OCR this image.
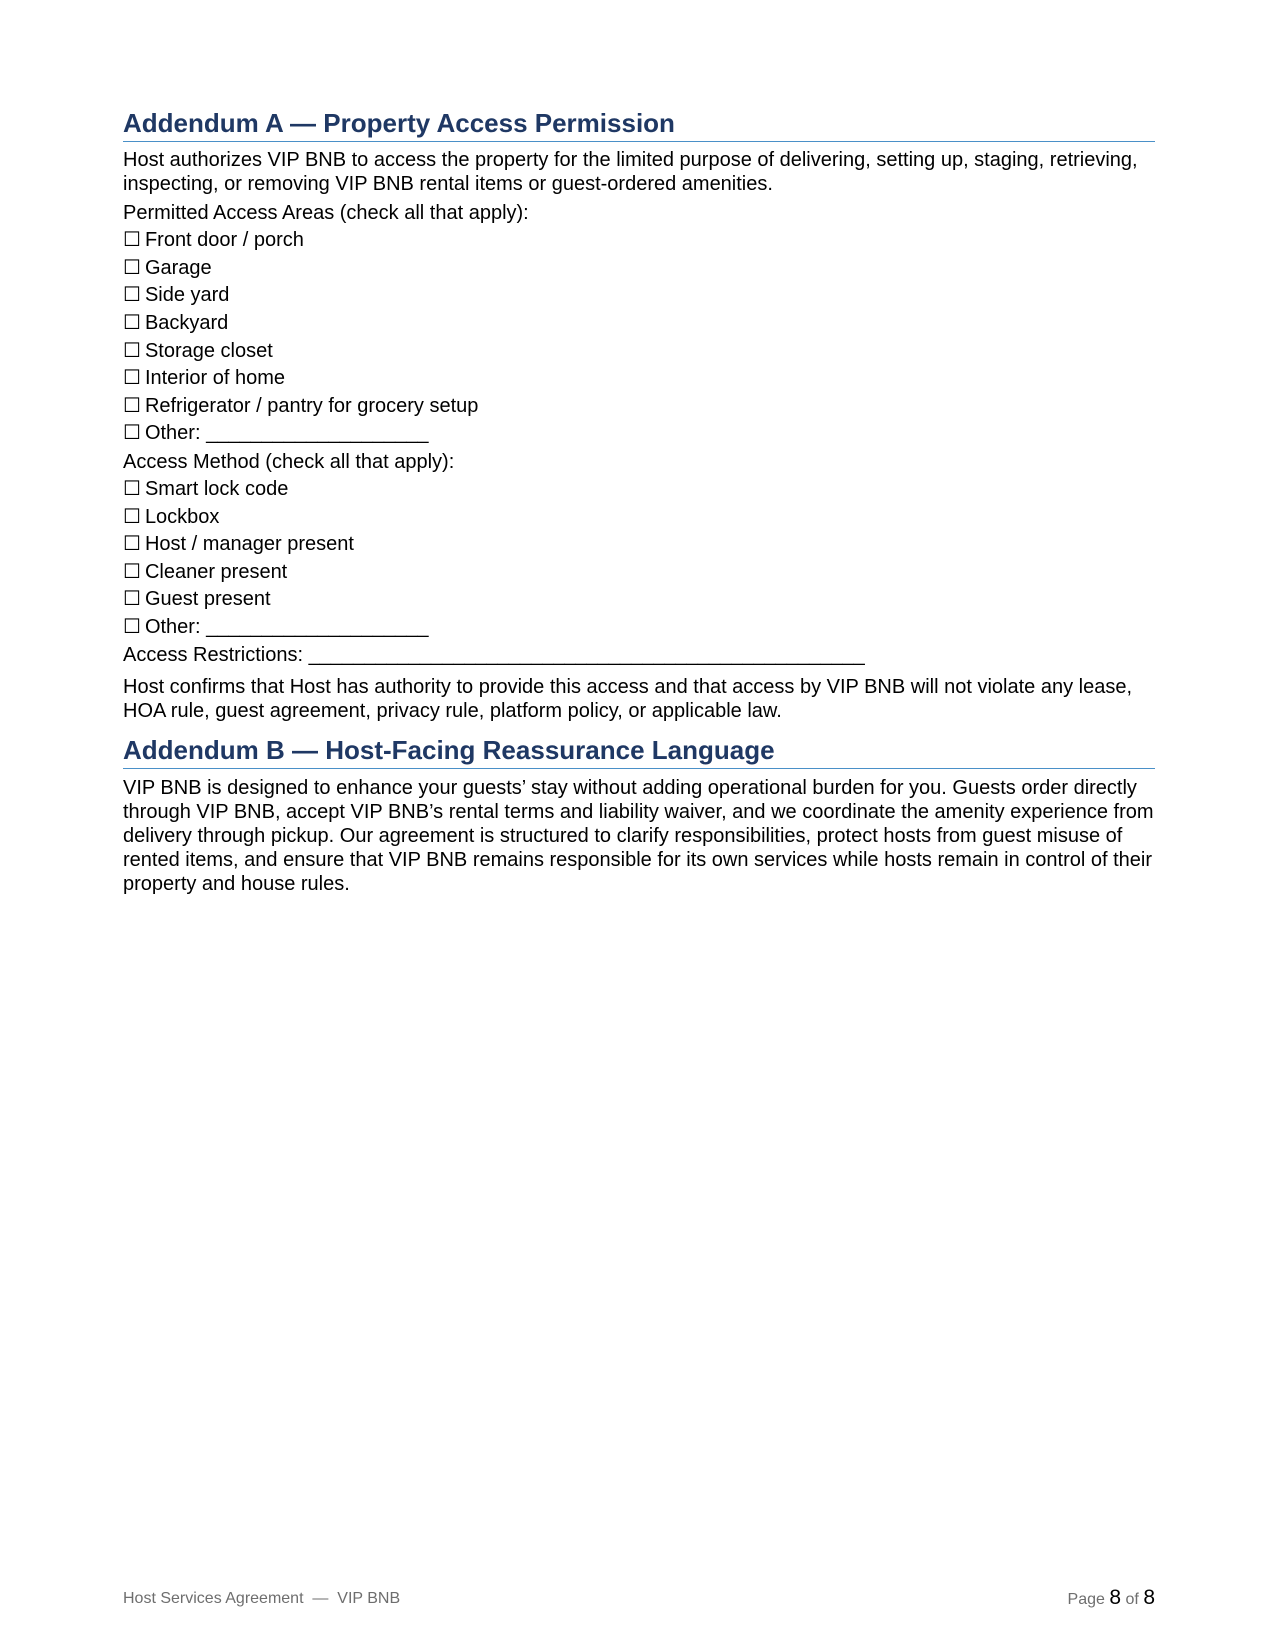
Addendum A — Property Access Permission

Host authorizes VIP BNB to access the property for the limited purpose of delivering, setting up, staging, retrieving, inspecting, or removing VIP BNB rental items or guest-ordered amenities.

Permitted Access Areas (check all that apply):

☐ Front door / porch
☐ Garage
☐ Side yard
☐ Backyard
☐ Storage closet
☐ Interior of home
☐ Refrigerator / pantry for grocery setup
☐ Other: ____________________

Access Method (check all that apply):

☐ Smart lock code
☐ Lockbox
☐ Host / manager present
☐ Cleaner present
☐ Guest present
☐ Other: ____________________

Access Restrictions: __________________________________________________

Host confirms that Host has authority to provide this access and that access by VIP BNB will not violate any lease, HOA rule, guest agreement, privacy rule, platform policy, or applicable law.

Addendum B — Host-Facing Reassurance Language

VIP BNB is designed to enhance your guests’ stay without adding operational burden for you. Guests order directly through VIP BNB, accept VIP BNB’s rental terms and liability waiver, and we coordinate the amenity experience from delivery through pickup. Our agreement is structured to clarify responsibilities, protect hosts from guest misuse of rented items, and ensure that VIP BNB remains responsible for its own services while hosts remain in control of their property and house rules.

Host Services Agreement  —  VIP BNB	Page 8 of 8
